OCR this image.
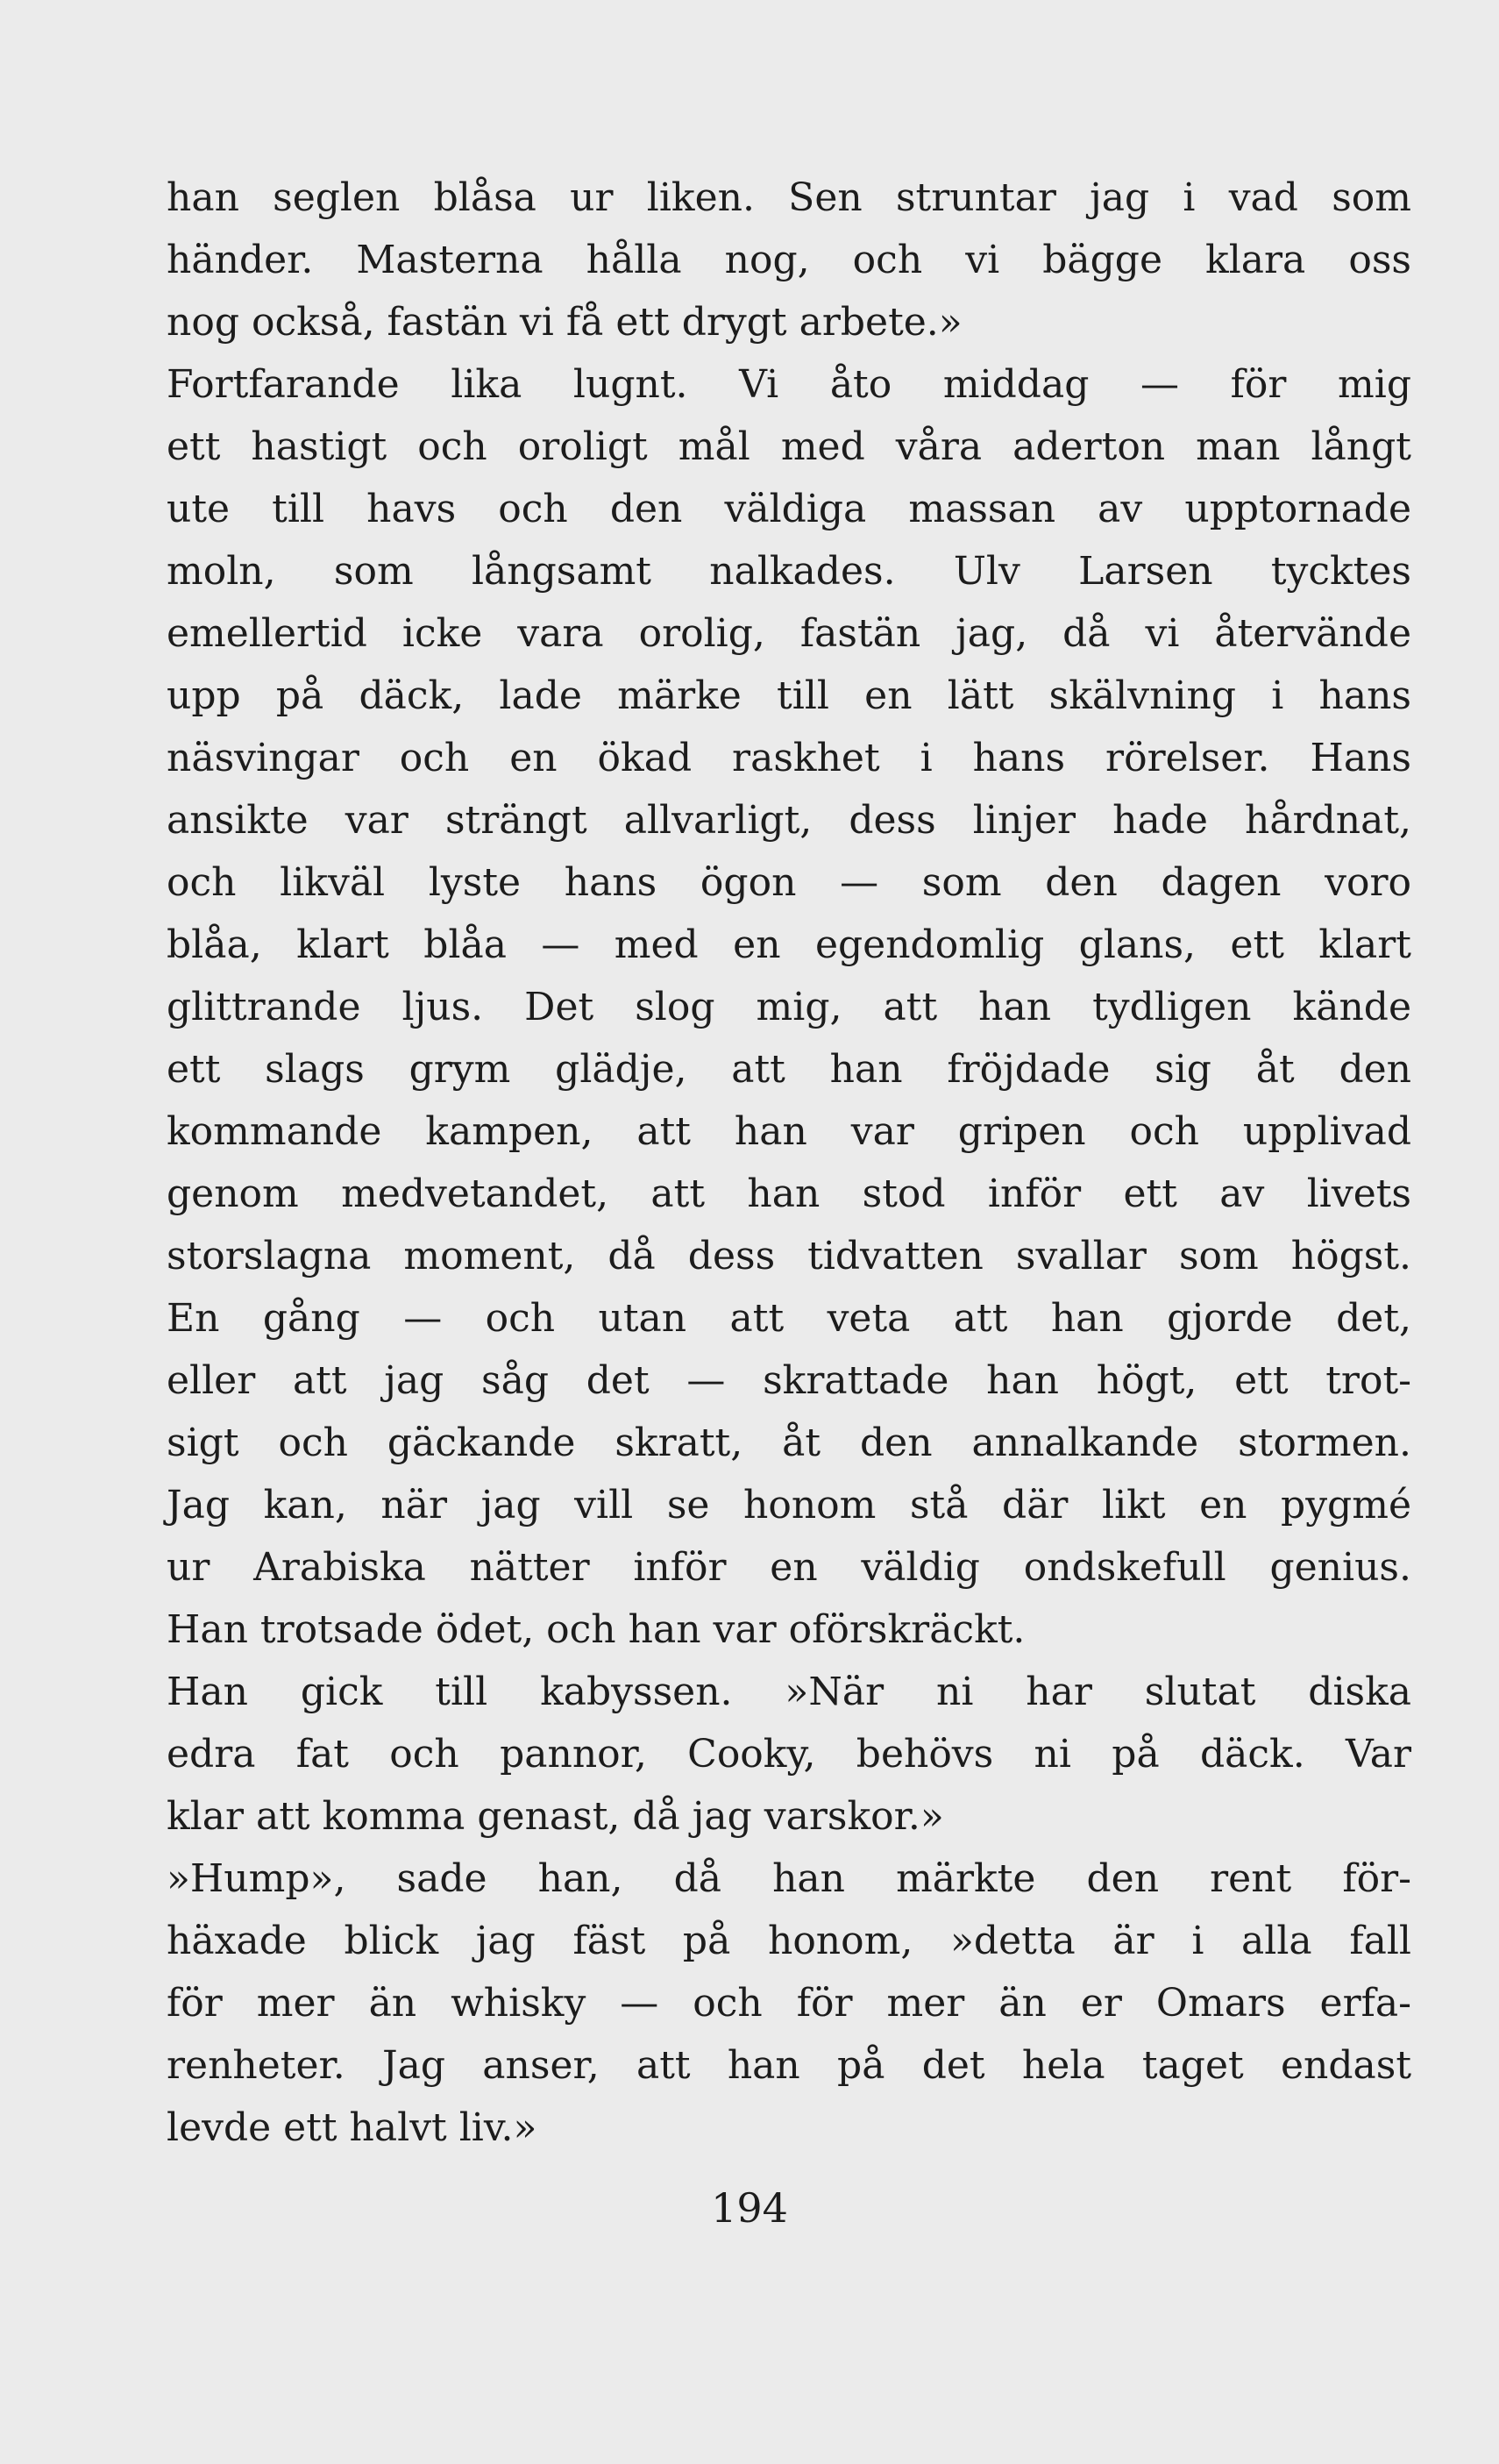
han seglen blåsa ur liken. Sen struntar jag i vad som
händer. Masterna hålla nog, och vi bägge klara oss
nog också, fastän vi få ett drygt arbete.»
Fortfarande lika lugnt. Vi åto middag — för mig
ett hastigt och oroligt mål med våra aderton man långt
ute till havs och den väldiga massan av upptornade
moln, som långsamt nalkades. Ulv Larsen tycktes
emellertid icke vara orolig, fastän jag, då vi återvände
upp på däck, lade märke till en lätt skälvning i hans
näsvingar och en ökad raskhet i hans rörelser. Hans
ansikte var strängt allvarligt, dess linjer hade hårdnat,
och likväl lyste hans ögon — som den dagen voro
blåa, klart blåa — med en egendomlig glans, ett klart
glittrande ljus. Det slog mig, att han tydligen kände
ett slags grym glädje, att han fröjdade sig åt den
kommande kampen, att han var gripen och upplivad
genom medvetandet, att han stod inför ett av livets
storslagna moment, då dess tidvatten svallar som högst.
En gång — och utan att veta att han gjorde det,
eller att jag såg det — skrattade han högt, ett trot-
sigt och gäckande skratt, åt den annalkande stormen.
Jag kan, när jag vill se honom stå där likt en pygmé
ur Arabiska nätter inför en väldig ondskefull genius.
Han trotsade ödet, och han var oförskräckt.
Han gick till kabyssen. »När ni har slutat diska
edra fat och pannor, Cooky, behövs ni på däck. Var
klar att komma genast, då jag varskor.»
»Hump», sade han, då han märkte den rent för-
häxade blick jag fäst på honom, »detta är i alla fall
för mer än whisky — och för mer än er Omars erfa-
renheter. Jag anser, att han på det hela taget endast
levde ett halvt liv.»
194
